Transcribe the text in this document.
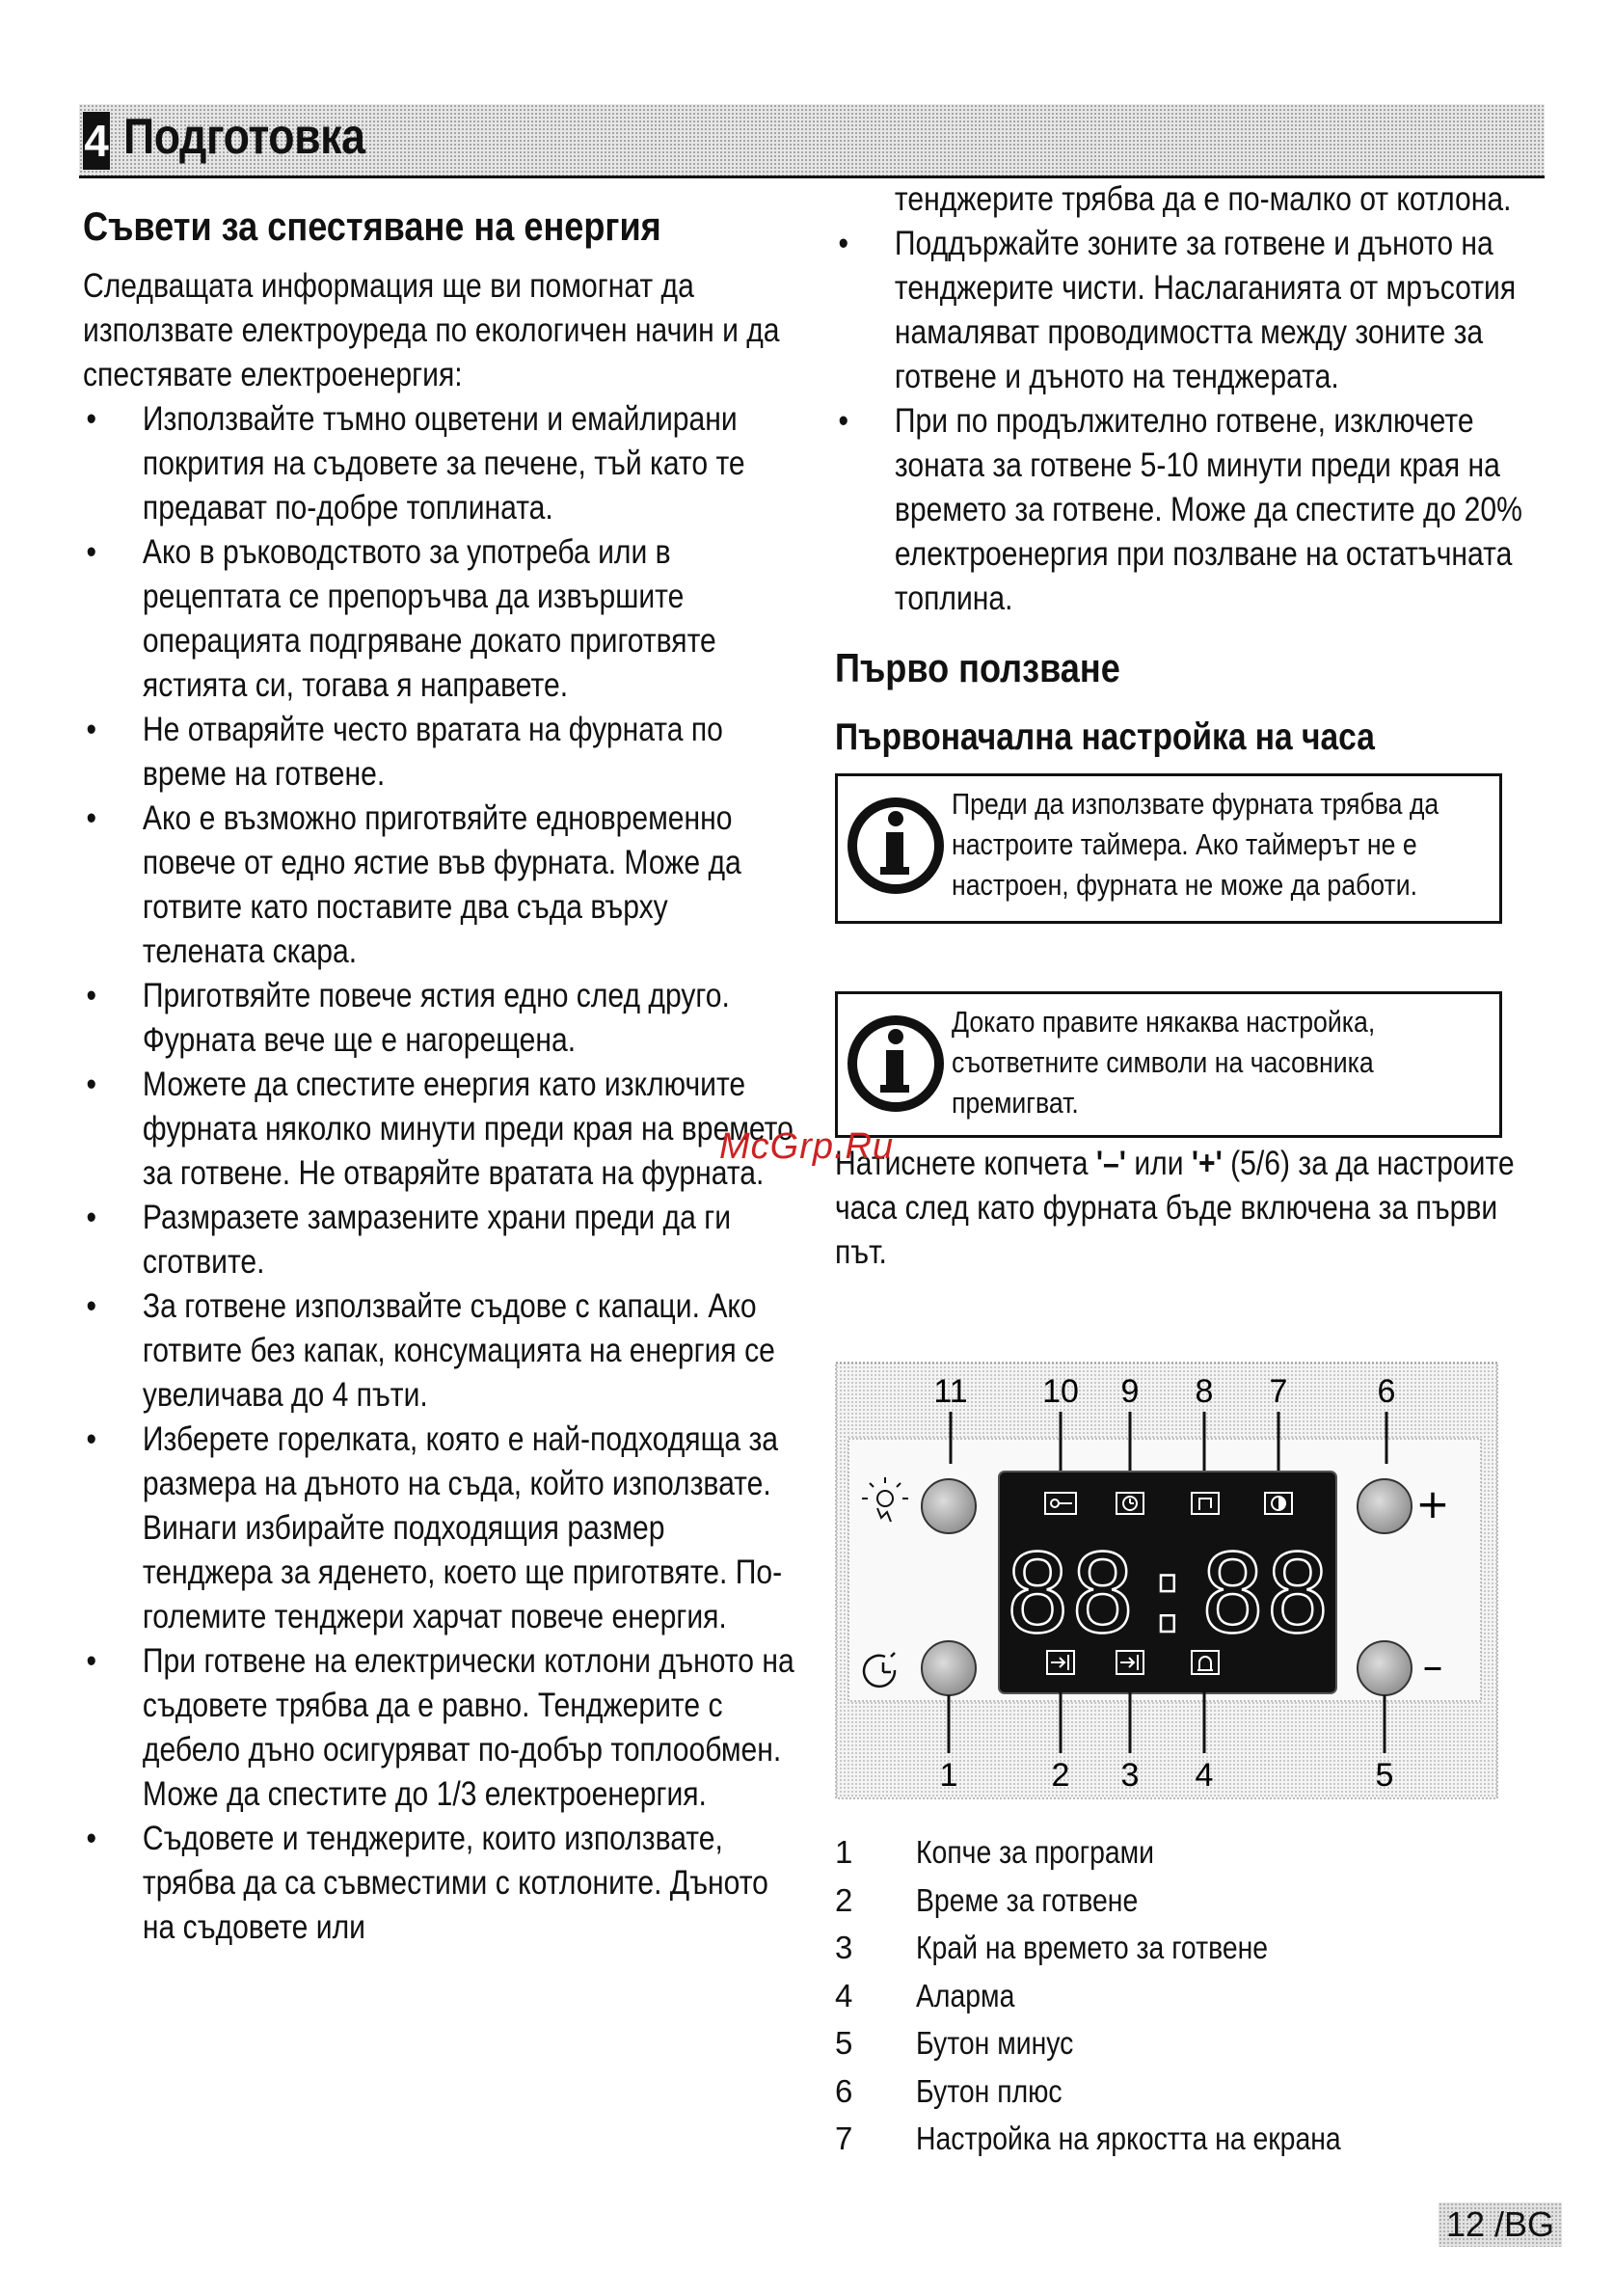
4 Подготовка
Съвети за спестяване на енергия
Следващата информация ще ви помогнат да използвате електроуреда по екологичен начин и да спестявате електроенергия:
• Използвайте тъмно оцветени и емайлирани покрития на съдовете за печене, тъй като те предават по-добре топлината.
• Ако в ръководството за употреба или в рецептата се препоръчва да извършите операцията подгряване докато приготвяте ястията си, тогава я направете.
• Не отваряйте често вратата на фурната по време на готвене.
• Ако е възможно приготвяйте едновременно повече от едно ястие във фурната. Може да готвите като поставите два съда върху телената скара.
• Приготвяйте повече ястия едно след друго. Фурната вече ще е нагорещена.
• Можете да спестите енергия като изключите фурната няколко минути преди края на времето за готвене. Не отваряйте вратата на фурната.
• Размразете замразените храни преди да ги сготвите.
• За готвене използвайте съдове с капаци. Ако готвите без капак, консумацията на енергия се увеличава до 4 пъти.
• Изберете горелката, която е най-подходяща за размера на дъното на съда, който използвате. Винаги избирайте подходящия размер тенджера за яденето, което ще приготвяте. По-големите тенджери харчат повече енергия.
• При готвене на електрически котлони дъното на съдовете трябва да е равно. Тенджерите с дебело дъно осигуряват по-добър топлообмен. Може да спестите до 1/3 електроенергия.
• Съдовете и тенджерите, които използвате, трябва да са съвместими с котлоните. Дъното на съдовете или
тенджерите трябва да е по-малко от котлона.
• Поддържайте зоните за готвене и дъното на тенджерите чисти. Наслаганията от мръсотия намаляват проводимостта между зоните за готвене и дъното на тенджерата.
• При по продължително готвене, изключете зоната за готвене 5-10 минути преди края на времето за готвене. Може да спестите до 20% електроенергия при позлване на остатъчната топлина.
Първо ползване
Първоначална настройка на часа
Преди да използвате фурната трябва да настроите таймера. Ако таймерът не е настроен, фурната не може да работи.
Докато правите някаква настройка, съответните символи на часовника премигват.
Натиснете копчета '–' или '+' (5/6) за да настроите часа след като фурната бъде включена за първи път.
11 10 9 8 7	6
+
–
88:88
1	2 3 4	5
1	Копче за програми
2	Време за готвене
3	Край на времето за готвене
4	Аларма
5	Бутон минус
6	Бутон плюс
7	Настройка на яркостта на екрана
McGrp.Ru
12 /BG
